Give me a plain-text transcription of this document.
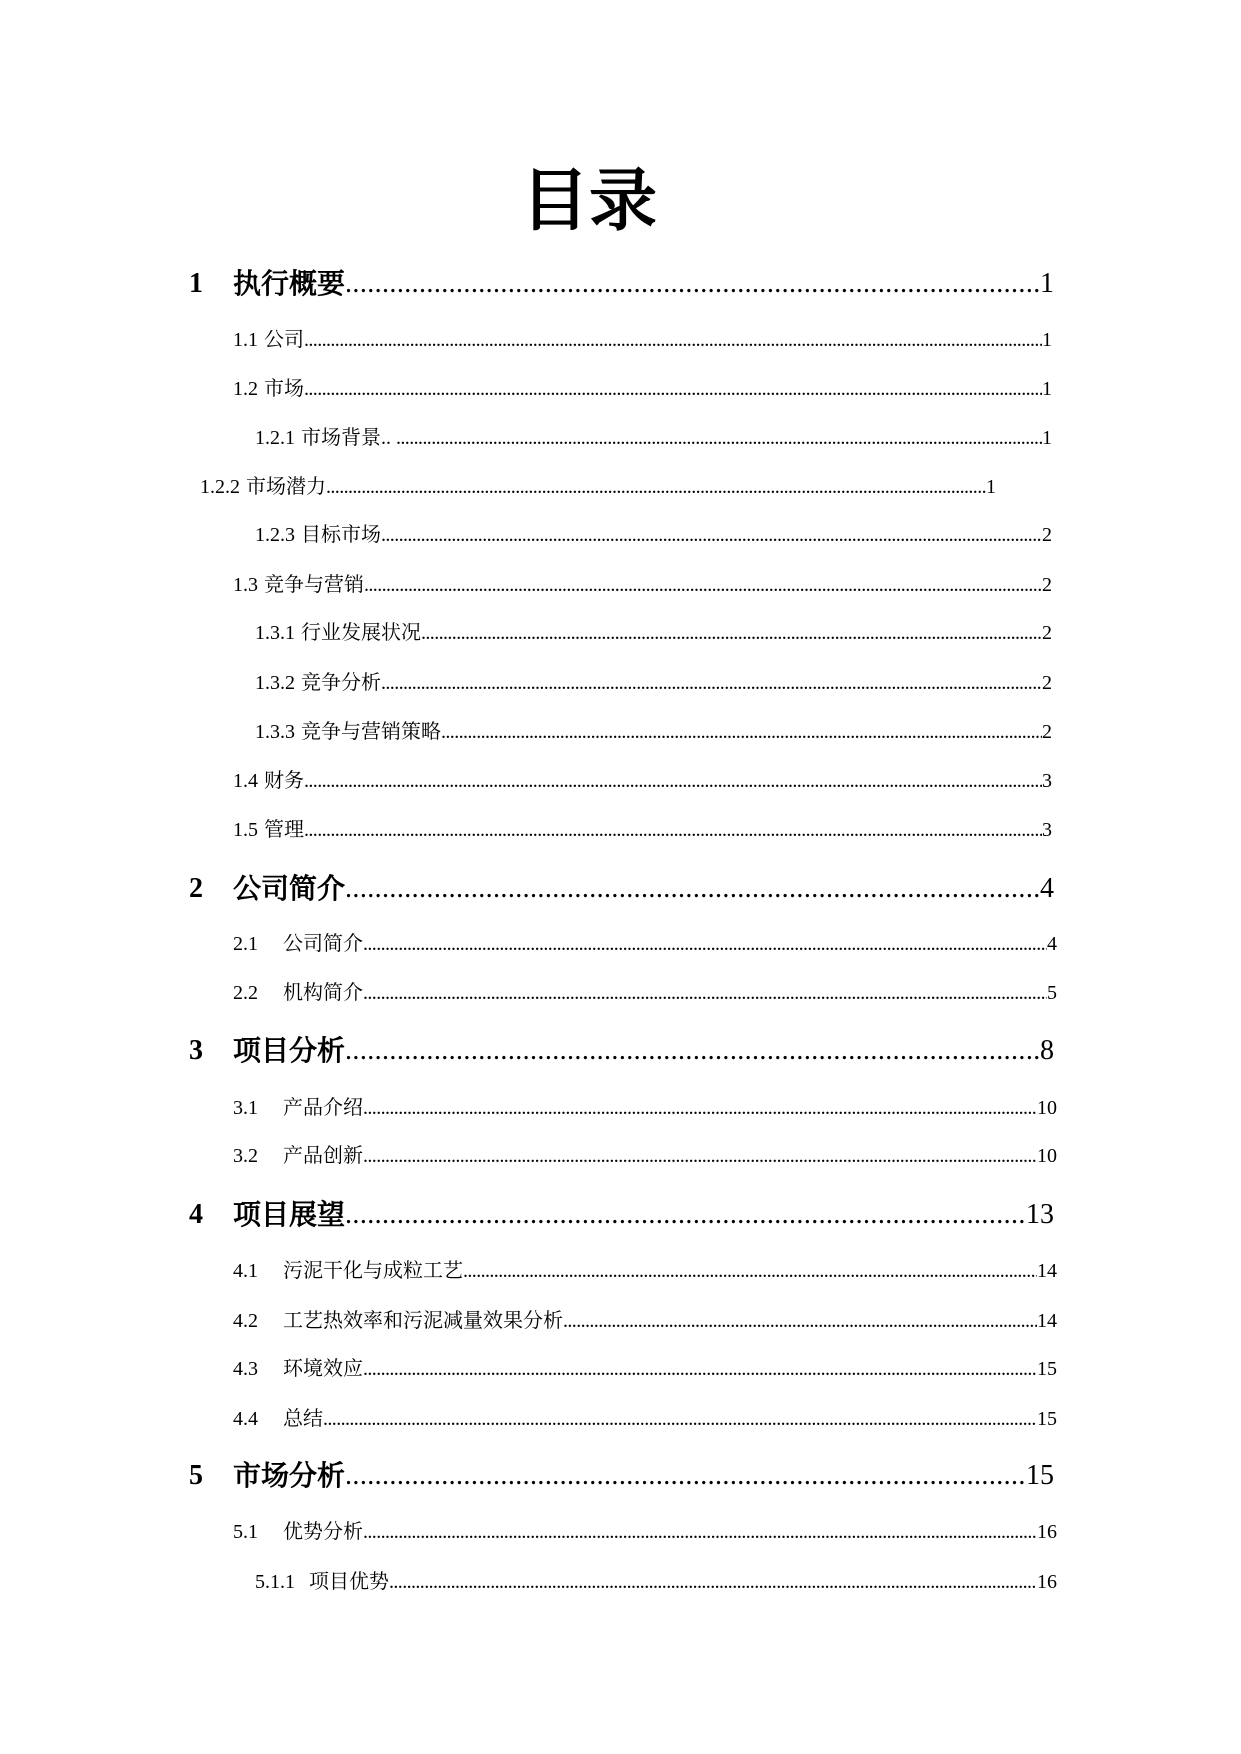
目录
1	执行概要 .....	1
1.1 公司 .....	1
1.2 市场 .....	1
1.2.1 市场背景.. .....	1
1.2.2 市场潜力 .....	1
1.2.3 目标市场 .....	2
1.3 竞争与营销 .....	2
1.3.1 行业发展状况 .....	2
1.3.2 竞争分析 .....	2
1.3.3 竞争与营销策略 .....	2
1.4 财务 .....	3
1.5 管理 .....	3
2	公司简介 .....	4
2.1	公司简介 .....	4
2.2	机构简介 .....	5
3	项目分析 .....	8
3.1	产品介绍 .....	10
3.2	产品创新 .....	10
4	项目展望 .....	13
4.1	污泥干化与成粒工艺 .....	14
4.2	工艺热效率和污泥减量效果分析 .....	14
4.3	环境效应 .....	15
4.4	总结 .....	15
5	市场分析 .....	15
5.1	优势分析 .....	16
5.1.1 项目优势 .....	16
